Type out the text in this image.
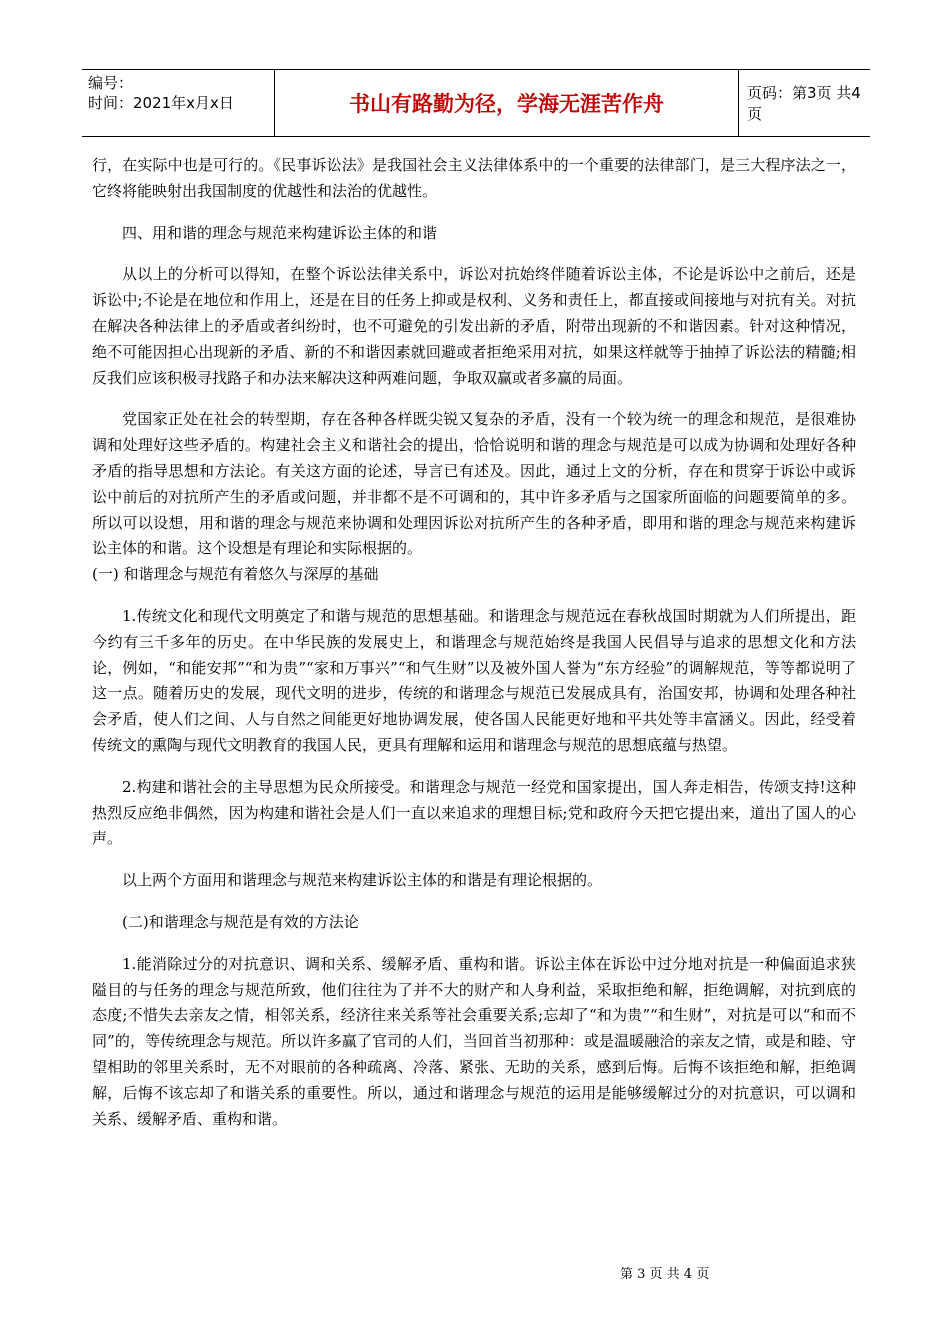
编号：
时间：2021年x月x日	书山有路勤为径，学海无涯苦作舟	页码：第3页 共4页

行，在实际中也是可行的。《民事诉讼法》是我国社会主义法律体系中的一个重要的法律部门，是三大程序法之一，它终将能映射出我国制度的优越性和法治的优越性。

四、用和谐的理念与规范来构建诉讼主体的和谐

从以上的分析可以得知，在整个诉讼法律关系中，诉讼对抗始终伴随着诉讼主体，不论是诉讼中之前后，还是诉讼中;不论是在地位和作用上，还是在目的任务上抑或是权利、义务和责任上，都直接或间接地与对抗有关。对抗在解决各种法律上的矛盾或者纠纷时，也不可避免的引发出新的矛盾，附带出现新的不和谐因素。针对这种情况，绝不可能因担心出现新的矛盾、新的不和谐因素就回避或者拒绝采用对抗，如果这样就等于抽掉了诉讼法的精髓;相反我们应该积极寻找路子和办法来解决这种两难问题，争取双赢或者多赢的局面。

党国家正处在社会的转型期，存在各种各样既尖锐又复杂的矛盾，没有一个较为统一的理念和规范，是很难协调和处理好这些矛盾的。构建社会主义和谐社会的提出，恰恰说明和谐的理念与规范是可以成为协调和处理好各种矛盾的指导思想和方法论。有关这方面的论述，导言已有述及。因此，通过上文的分析，存在和贯穿于诉讼中或诉讼中前后的对抗所产生的矛盾或问题，并非都不是不可调和的，其中许多矛盾与之国家所面临的问题要简单的多。所以可以设想，用和谐的理念与规范来协调和处理因诉讼对抗所产生的各种矛盾，即用和谐的理念与规范来构建诉讼主体的和谐。这个设想是有理论和实际根据的。

(一) 和谐理念与规范有着悠久与深厚的基础

1.传统文化和现代文明奠定了和谐与规范的思想基础。和谐理念与规范远在春秋战国时期就为人们所提出，距今约有三千多年的历史。在中华民族的发展史上，和谐理念与规范始终是我国人民倡导与追求的思想文化和方法论，例如，“和能安邦”“和为贵”“家和万事兴”“和气生财”以及被外国人誉为“东方经验”的调解规范，等等都说明了这一点。随着历史的发展，现代文明的进步，传统的和谐理念与规范已发展成具有，治国安邦，协调和处理各种社会矛盾，使人们之间、人与自然之间能更好地协调发展，使各国人民能更好地和平共处等丰富涵义。因此，经受着传统文的熏陶与现代文明教育的我国人民，更具有理解和运用和谐理念与规范的思想底蕴与热望。

2.构建和谐社会的主导思想为民众所接受。和谐理念与规范一经党和国家提出，国人奔走相告，传颂支持!这种热烈反应绝非偶然，因为构建和谐社会是人们一直以来追求的理想目标;党和政府今天把它提出来，道出了国人的心声。

以上两个方面用和谐理念与规范来构建诉讼主体的和谐是有理论根据的。

(二)和谐理念与规范是有效的方法论

1.能消除过分的对抗意识、调和关系、缓解矛盾、重构和谐。诉讼主体在诉讼中过分地对抗是一种偏面追求狭隘目的与任务的理念与规范所致，他们往往为了并不大的财产和人身利益，采取拒绝和解，拒绝调解，对抗到底的态度;不惜失去亲友之情，相邻关系，经济往来关系等社会重要关系;忘却了“和为贵”“和生财”，对抗是可以“和而不同”的，等传统理念与规范。所以许多赢了官司的人们，当回首当初那种：或是温暖融洽的亲友之情，或是和睦、守望相助的邻里关系时，无不对眼前的各种疏离、冷落、紧张、无助的关系，感到后悔。后悔不该拒绝和解，拒绝调解，后悔不该忘却了和谐关系的重要性。所以，通过和谐理念与规范的运用是能够缓解过分的对抗意识，可以调和关系、缓解矛盾、重构和谐。

第 3 页 共 4 页
